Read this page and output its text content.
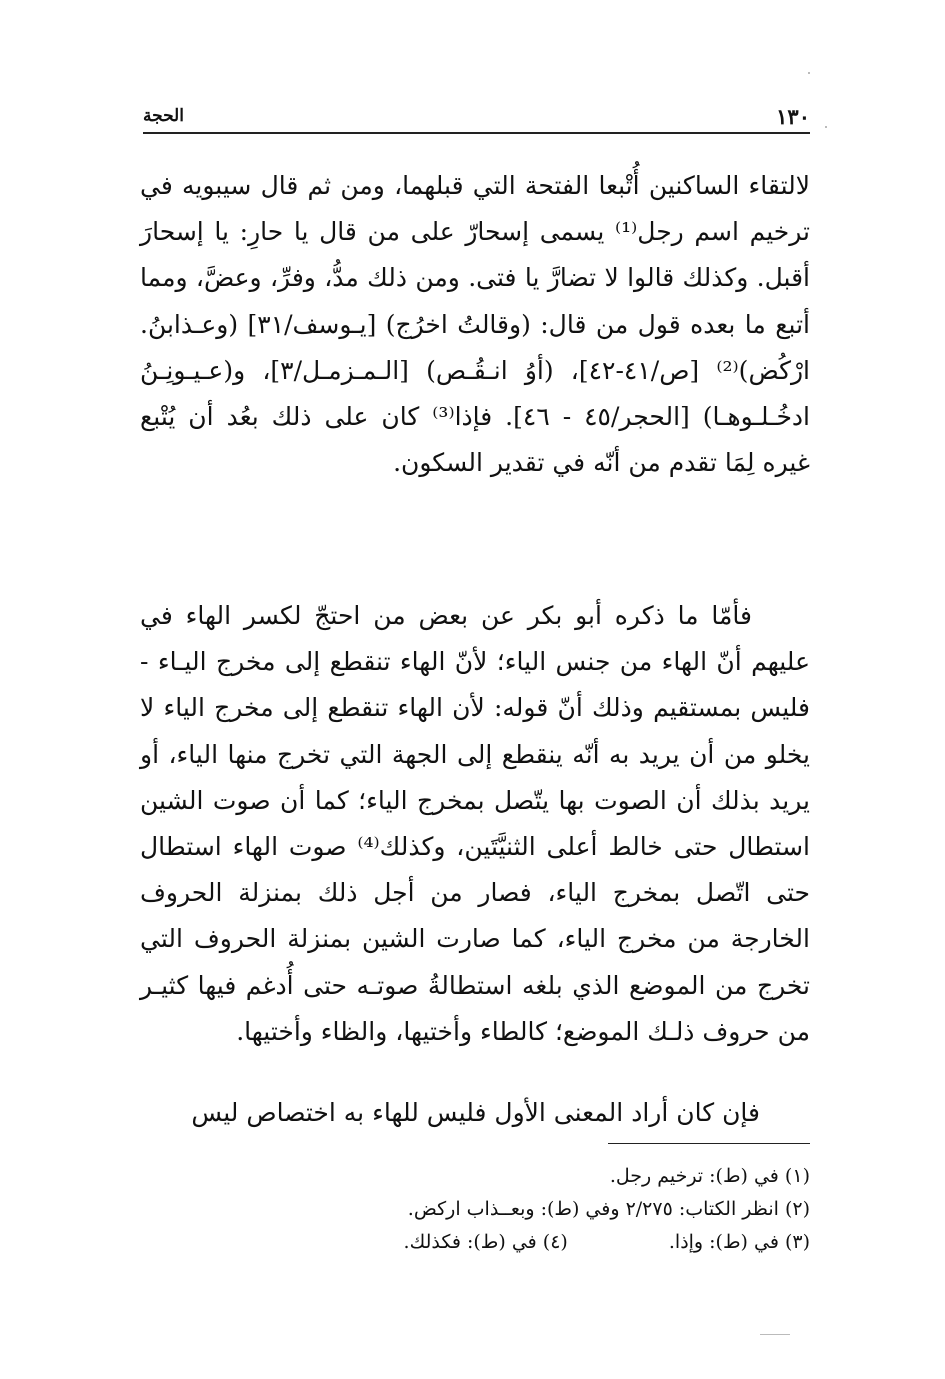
١٣٠
الحجة

لالتقاء الساكنين أُتْبعا الفتحة التي قبلهما، ومن ثم قال سيبويه في ترخيم اسم رجل⁽¹⁾ يسمى إسحارّ على من قال يا حارِ: يا إسحارَ أقبل. وكذلك قالوا لا تضارَّ يا فتى. ومن ذلك مدُّ، وفرِّ، وعضَّ، ومما أتبع ما بعده قول من قال: (وقالتُ اخرُج) [يـوسف/٣١] (وعـذابنُ. ارْكُض)⁽²⁾ [ص/٤١-٤٢]، (أوُ انـقُـص) [الـمـزمـل/٣]، و(عـيـونِـنُ ادخُـلـوهـا) [الحجر/٤٥ - ٤٦]. فإذا⁽³⁾ كان على ذلك بعُد أن يُتْبع غيره لِمَا تقدم من أنّه في تقدير السكون.

فأمّا ما ذكره أبو بكر عن بعض من احتجّ لكسر الهاء في عليهم أنّ الهاء من جنس الياء؛ لأنّ الهاء تنقطع إلى مخرج اليـاء - فليس بمستقيم وذلك أنّ قوله: لأن الهاء تنقطع إلى مخرج الياء لا يخلو من أن يريد به أنّه ينقطع إلى الجهة التي تخرج منها الياء، أو يريد بذلك أن الصوت بها يتّصل بمخرج الياء؛ كما أن صوت الشين استطال حتى خالط أعلى الثنيَّتَين، وكذلك⁽⁴⁾ صوت الهاء استطال حتى اتّصل بمخرج الياء، فصار من أجل ذلك بمنزلة الحروف الخارجة من مخرج الياء، كما صارت الشين بمنزلة الحروف التي تخرج من الموضع الذي بلغه استطالةُ صوتـه حتى أُدغم فيها كثيـر من حروف ذلـك الموضع؛ كالطاء وأختيها، والظاء وأختيها.

فإن كان أراد المعنى الأول فليس للهاء به اختصاص ليس

(١) في (ط): ترخيم رجل.
(٢) انظر الكتاب: ٢/٢٧٥ وفي (ط): وبعــذاب اركض.
(٣) في (ط): وإذا. (٤) في (ط): فكذلك.
